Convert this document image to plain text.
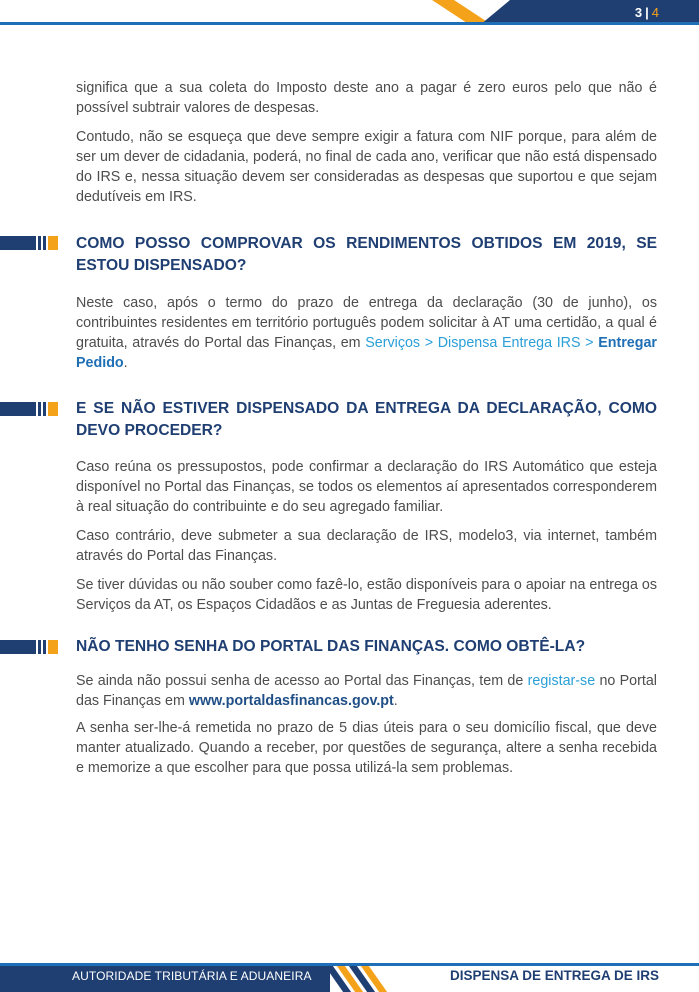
3 | 4

significa que a sua coleta do Imposto deste ano a pagar é zero euros pelo que não é possível subtrair valores de despesas.

Contudo, não se esqueça que deve sempre exigir a fatura com NIF porque, para além de ser um dever de cidadania, poderá, no final de cada ano, verificar que não está dispensado do IRS e, nessa situação devem ser consideradas as despesas que suportou e que sejam dedutíveis em IRS.

COMO POSSO COMPROVAR OS RENDIMENTOS OBTIDOS EM 2019, SE ESTOU DISPENSADO?

Neste caso, após o termo do prazo de entrega da declaração (30 de junho), os contribuintes residentes em território português podem solicitar à AT uma certidão, a qual é gratuita, através do Portal das Finanças, em Serviços > Dispensa Entrega IRS > Entregar Pedido.

E SE NÃO ESTIVER DISPENSADO DA ENTREGA DA DECLARAÇÃO, COMO DEVO PROCEDER?

Caso reúna os pressupostos, pode confirmar a declaração do IRS Automático que esteja disponível no Portal das Finanças, se todos os elementos aí apresentados corresponderem à real situação do contribuinte e do seu agregado familiar.

Caso contrário, deve submeter a sua declaração de IRS, modelo3, via internet, também através do Portal das Finanças.

Se tiver dúvidas ou não souber como fazê-lo, estão disponíveis para o apoiar na entrega os Serviços da AT, os Espaços Cidadãos e as Juntas de Freguesia aderentes.

NÃO TENHO SENHA DO PORTAL DAS FINANÇAS. COMO OBTÊ-LA?

Se ainda não possui senha de acesso ao Portal das Finanças, tem de registar-se no Portal das Finanças em www.portaldasfinancas.gov.pt.

A senha ser-lhe-á remetida no prazo de 5 dias úteis para o seu domicílio fiscal, que deve manter atualizado. Quando a receber, por questões de segurança, altere a senha recebida e memorize a que escolher para que possa utilizá-la sem problemas.

AUTORIDADE TRIBUTÁRIA E ADUANEIRA	DISPENSA DE ENTREGA DE IRS
